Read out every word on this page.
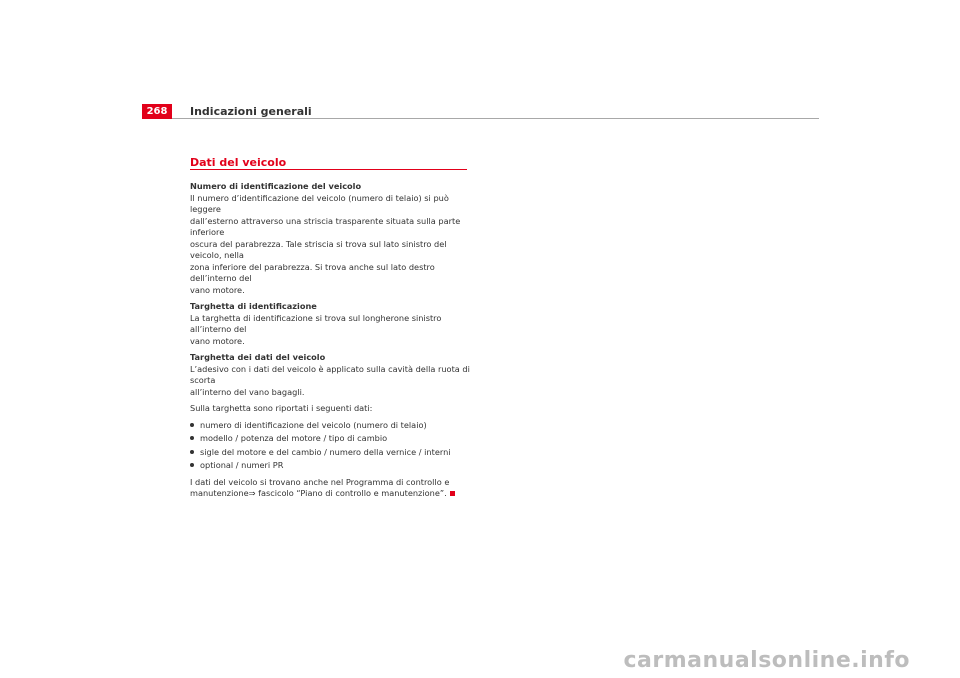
268	Indicazioni generali
Dati del veicolo

Numero di identificazione del veicolo

Il numero d’identificazione del veicolo (numero di telaio) si può leggere
dall’esterno attraverso una striscia trasparente situata sulla parte inferiore
oscura del parabrezza. Tale striscia si trova sul lato sinistro del veicolo, nella
zona inferiore del parabrezza. Si trova anche sul lato destro dell’interno del
vano motore.

Targhetta di identificazione

La targhetta di identificazione si trova sul longherone sinistro all’interno del
vano motore.

Targhetta dei dati del veicolo

L’adesivo con i dati del veicolo è applicato sulla cavità della ruota di scorta
all’interno del vano bagagli.

Sulla targhetta sono riportati i seguenti dati:

numero di identificazione del veicolo (numero di telaio)
modello / potenza del motore / tipo di cambio
sigle del motore e del cambio / numero della vernice / interni
optional / numeri PR

I dati del veicolo si trovano anche nel Programma di controllo e
manutenzione⇒ fascicolo “Piano di controllo e manutenzione”.

carmanualsonline.info
